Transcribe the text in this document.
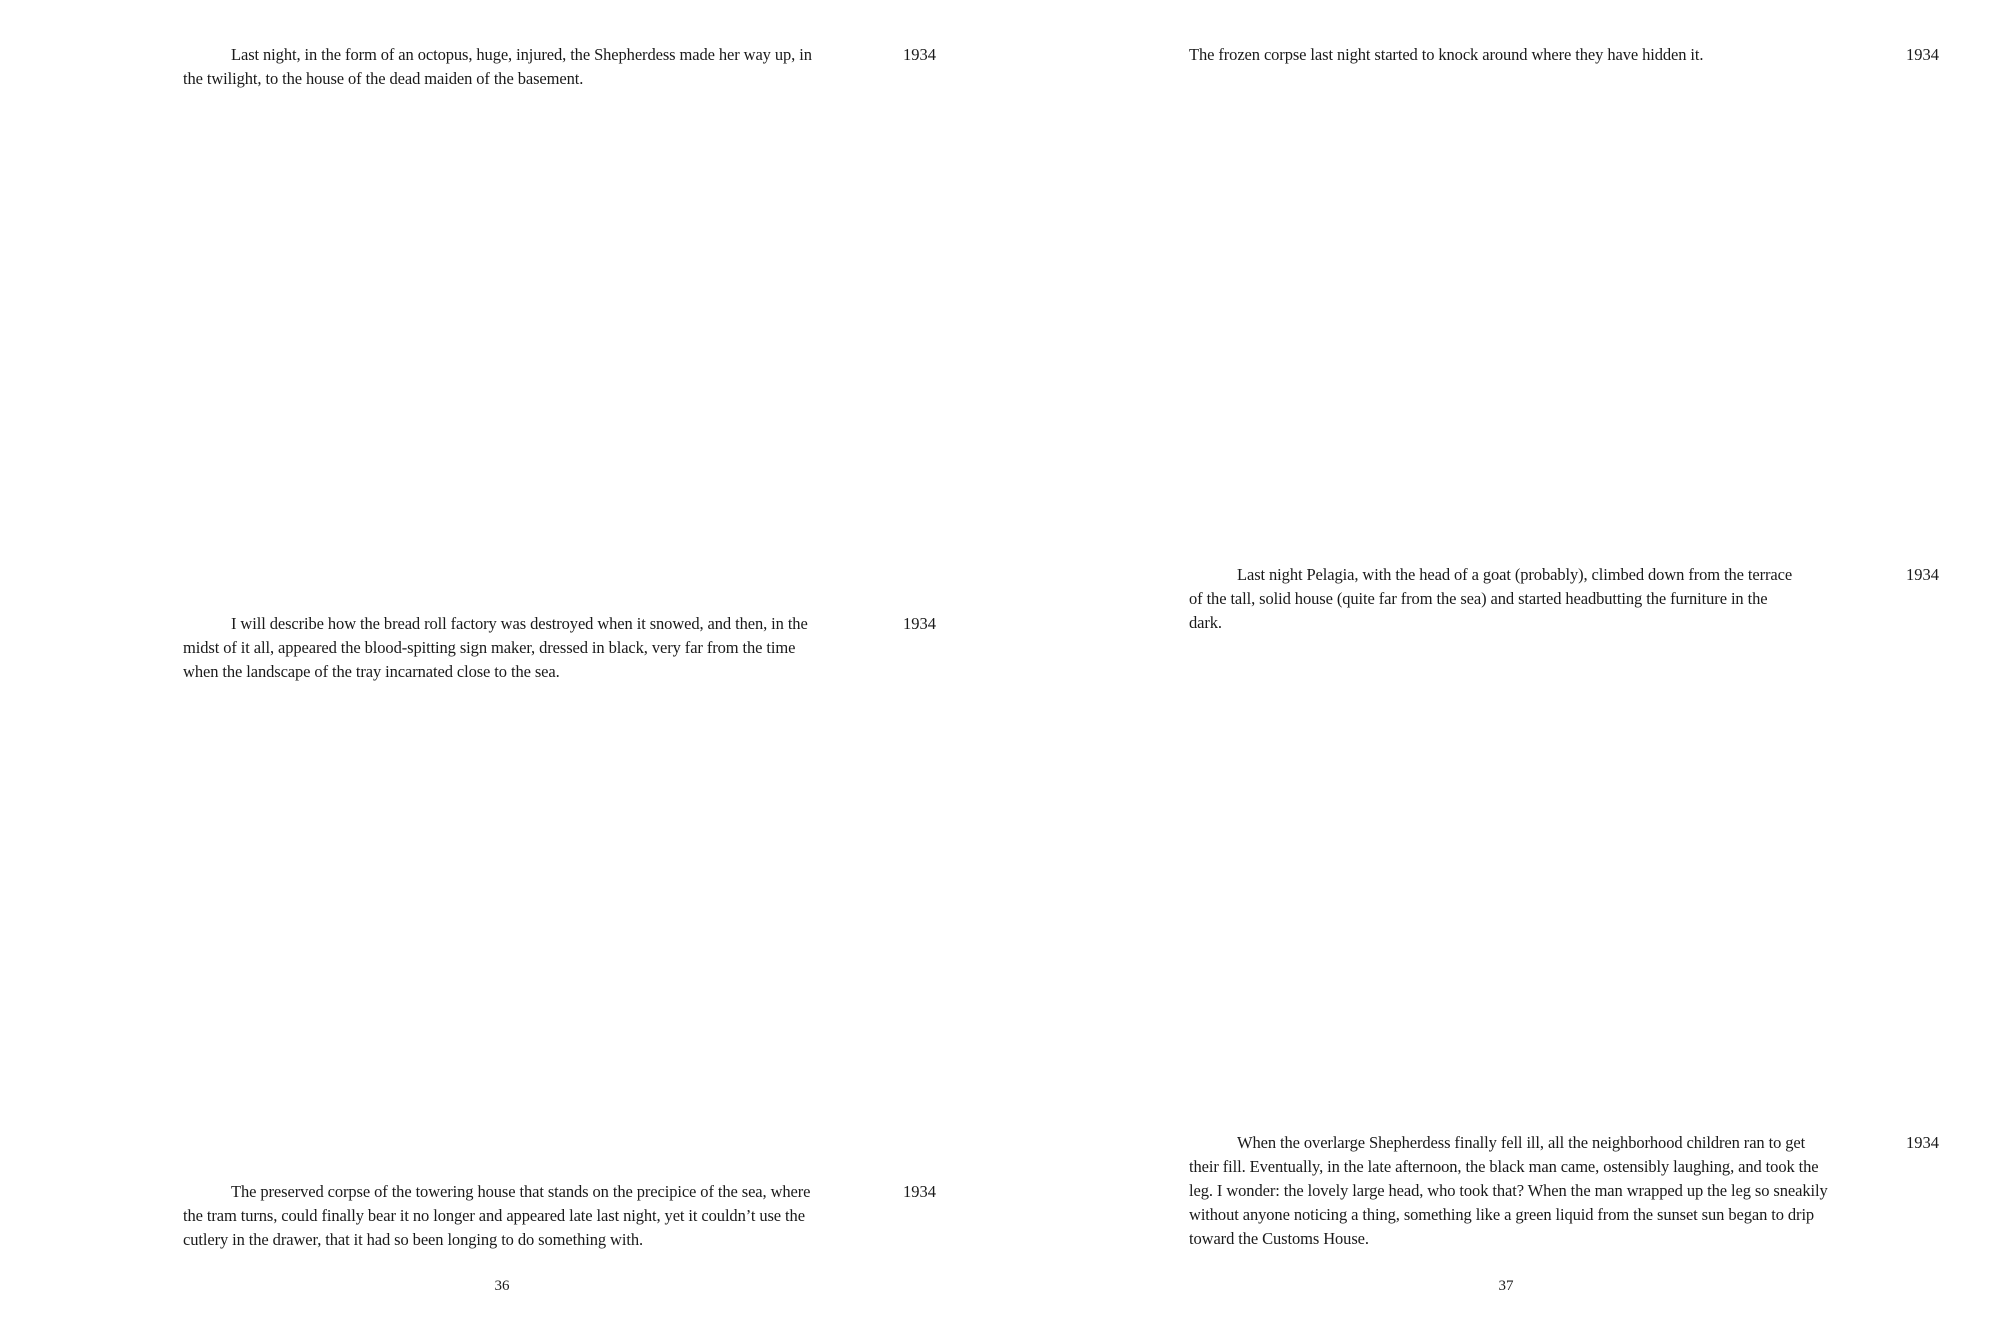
Last night, in the form of an octopus, huge, injured, the Shepherdess made her way up, in the twilight, to the house of the dead maiden of the basement.

1934

I will describe how the bread roll factory was destroyed when it snowed, and then, in the midst of it all, appeared the blood-spitting sign maker, dressed in black, very far from the time when the landscape of the tray incarnated close to the sea.

1934

The preserved corpse of the towering house that stands on the precipice of the sea, where the tram turns, could finally bear it no longer and appeared late last night, yet it couldn’t use the cutlery in the drawer, that it had so been longing to do something with.

1934
36

The frozen corpse last night started to knock around where they have hidden it.	1934

Last night Pelagia, with the head of a goat (probably), climbed down from the terrace of the tall, solid house (quite far from the sea) and started headbutting the furniture in the dark.

1934

When the overlarge Shepherdess finally fell ill, all the neighborhood children ran to get their fill. Eventually, in the late afternoon, the black man came, ostensibly laughing, and took the leg. I wonder: the lovely large head, who took that? When the man wrapped up the leg so sneakily without anyone noticing a thing, something like a green liquid from the sunset sun began to drip toward the Customs House.

1934
37
